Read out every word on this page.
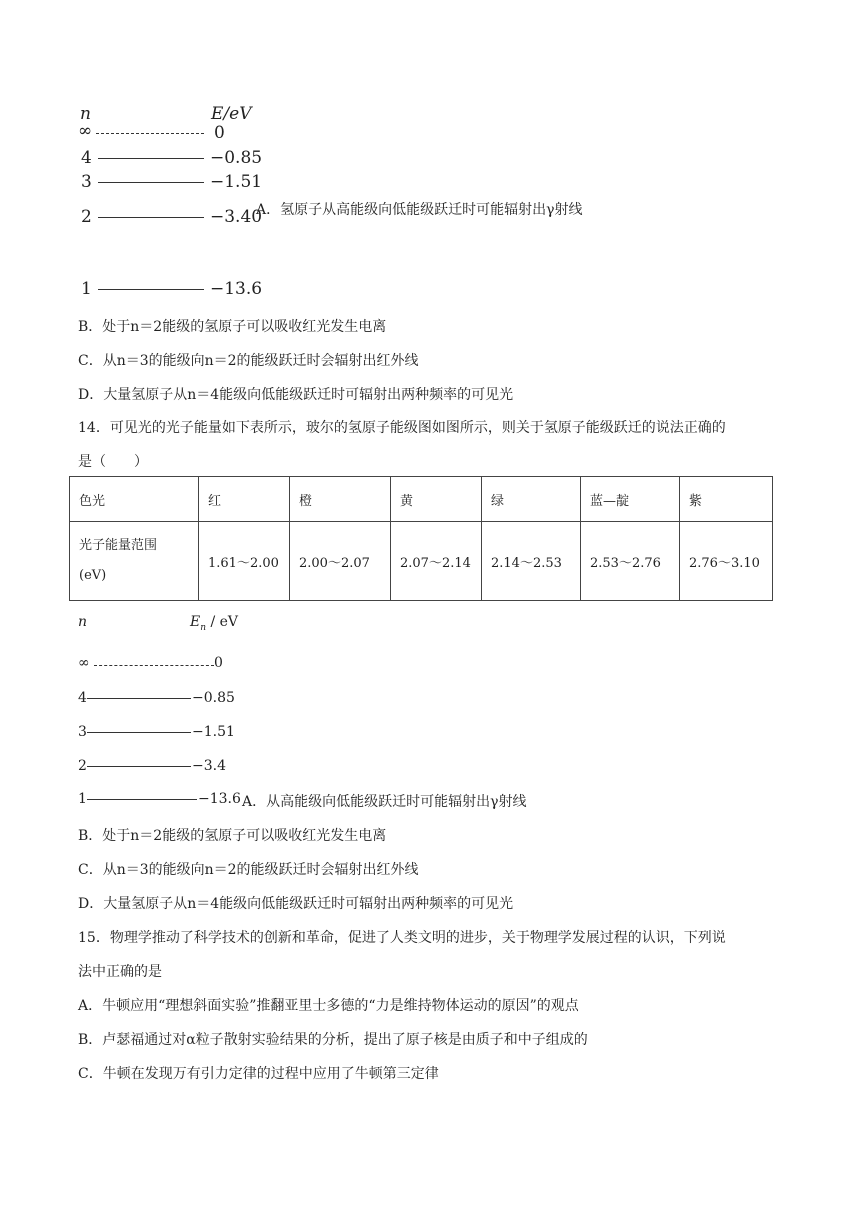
n	E/eV
∞	0
4	−0.85
3	−1.51
2	−3.40
1	−13.6
A．氢原子从高能级向低能级跃迁时可能辐射出γ射线
B．处于n＝2能级的氢原子可以吸收红光发生电离
C．从n＝3的能级向n＝2的能级跃迁时会辐射出红外线
D．大量氢原子从n＝4能级向低能级跃迁时可辐射出两种频率的可见光
14．可见光的光子能量如下表所示，玻尔的氢原子能级图如图所示，则关于氢原子能级跃迁的说法正确的
是（　　）
色光	红	橙	黄	绿	蓝—靛	紫

光子能量范围
(eV)	1.61～2.00	2.00～2.07	2.07～2.14	2.14～2.53	2.53～2.76	2.76～3.10
n	$E_n$ / eV
∞	0
4	−0.85
3	−1.51
2	−3.4
1	−13.6 A．从高能级向低能级跃迁时可能辐射出γ射线
B．处于n＝2能级的氢原子可以吸收红光发生电离
C．从n＝3的能级向n＝2的能级跃迁时会辐射出红外线
D．大量氢原子从n＝4能级向低能级跃迁时可辐射出两种频率的可见光
15．物理学推动了科学技术的创新和革命，促进了人类文明的进步，关于物理学发展过程的认识，下列说
法中正确的是
A．牛顿应用“理想斜面实验”推翻亚里士多德的“力是维持物体运动的原因”的观点
B．卢瑟福通过对α粒子散射实验结果的分析，提出了原子核是由质子和中子组成的
C．牛顿在发现万有引力定律的过程中应用了牛顿第三定律
